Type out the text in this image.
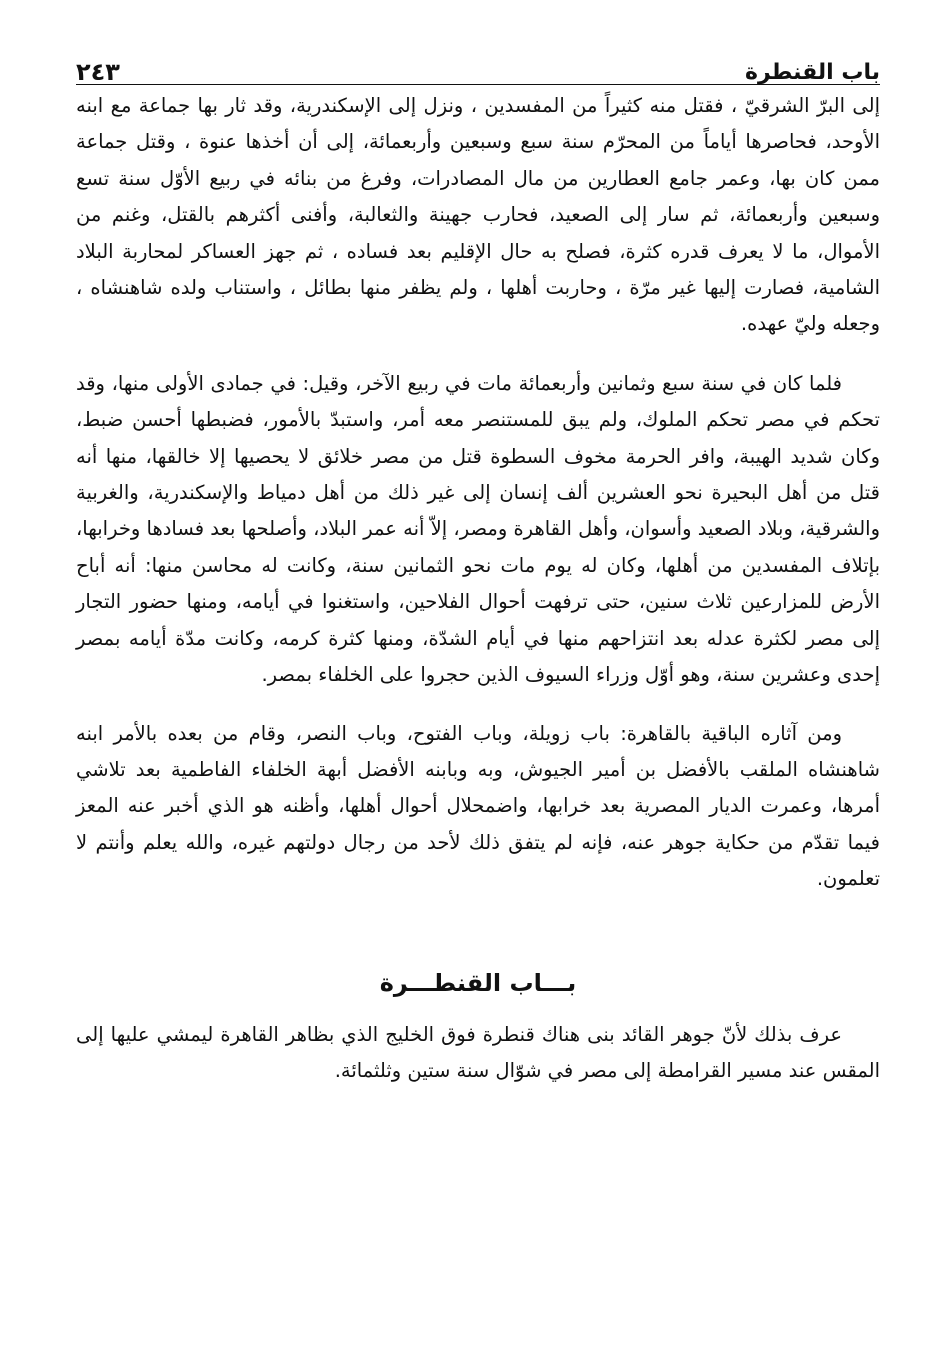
باب القنطرة
٢٤٣

إلى البرّ الشرقيّ ، فقتل منه كثيراً من المفسدين ، ونزل إلى الإسكندرية، وقد ثار بها جماعة مع ابنه الأوحد، فحاصرها أياماً من المحرّم سنة سبع وسبعين وأربعمائة، إلى أن أخذها عنوة ، وقتل جماعة ممن كان بها، وعمر جامع العطارين من مال المصادرات، وفرغ من بنائه في ربيع الأوّل سنة تسع وسبعين وأربعمائة، ثم سار إلى الصعيد، فحارب جهينة والثعالبة، وأفنى أكثرهم بالقتل، وغنم من الأموال، ما لا يعرف قدره كثرة، فصلح به حال الإقليم بعد فساده ، ثم جهز العساكر لمحاربة البلاد الشامية، فصارت إليها غير مرّة ، وحاربت أهلها ، ولم يظفر منها بطائل ، واستناب ولده شاهنشاه ، وجعله وليّ عهده.

فلما كان في سنة سبع وثمانين وأربعمائة مات في ربيع الآخر، وقيل: في جمادى الأولى منها، وقد تحكم في مصر تحكم الملوك، ولم يبق للمستنصر معه أمر، واستبدّ بالأمور، فضبطها أحسن ضبط، وكان شديد الهيبة، وافر الحرمة مخوف السطوة قتل من مصر خلائق لا يحصيها إلا خالقها، منها أنه قتل من أهل البحيرة نحو العشرين ألف إنسان إلى غير ذلك من أهل دمياط والإسكندرية، والغربية والشرقية، وبلاد الصعيد وأسوان، وأهل القاهرة ومصر، إلاّ أنه عمر البلاد، وأصلحها بعد فسادها وخرابها، بإتلاف المفسدين من أهلها، وكان له يوم مات نحو الثمانين سنة، وكانت له محاسن منها: أنه أباح الأرض للمزارعين ثلاث سنين، حتى ترفهت أحوال الفلاحين، واستغنوا في أيامه، ومنها حضور التجار إلى مصر لكثرة عدله بعد انتزاحهم منها في أيام الشدّة، ومنها كثرة كرمه، وكانت مدّة أيامه بمصر إحدى وعشرين سنة، وهو أوّل وزراء السيوف الذين حجروا على الخلفاء بمصر.

ومن آثاره الباقية بالقاهرة: باب زويلة، وباب الفتوح، وباب النصر، وقام من بعده بالأمر ابنه شاهنشاه الملقب بالأفضل بن أمير الجيوش، وبه وبابنه الأفضل أبهة الخلفاء الفاطمية بعد تلاشي أمرها، وعمرت الديار المصرية بعد خرابها، واضمحلال أحوال أهلها، وأظنه هو الذي أخبر عنه المعز فيما تقدّم من حكاية جوهر عنه، فإنه لم يتفق ذلك لأحد من رجال دولتهم غيره، والله يعلم وأنتم لا تعلمون.

بـــاب القنطـــرة

عرف بذلك لأنّ جوهر القائد بنى هناك قنطرة فوق الخليج الذي بظاهر القاهرة ليمشي عليها إلى المقس عند مسير القرامطة إلى مصر في شوّال سنة ستين وثلثمائة.
